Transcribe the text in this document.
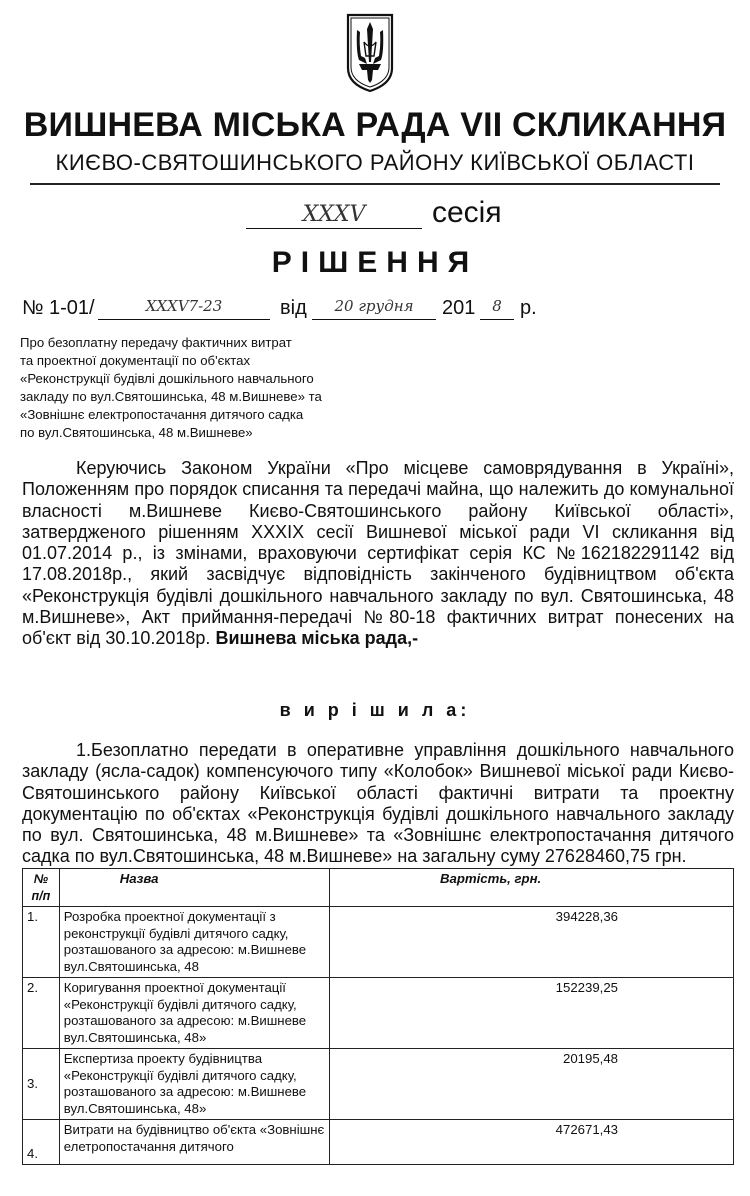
ВИШНЕВА МІСЬКА РАДА VII СКЛИКАННЯ
КИЄВО-СВЯТОШИНСЬКОГО РАЙОНУ КИЇВСЬКОЇ ОБЛАСТІ
XXXV	сесія
РІШЕННЯ
№ 1-01/	XXXV7-23	від	20 грудня	201	8 р.
Про безоплатну передачу фактичних витрат
та проектної документації по об'єктах
«Реконструкції будівлі дошкільного навчального
закладу по вул.Святошинська, 48 м.Вишневе» та
«Зовнішнє електропостачання дитячого садка
по вул.Святошинська, 48 м.Вишневе»
Керуючись Законом України «Про місцеве самоврядування в Україні», Положенням про порядок списання та передачі майна, що належить до комунальної власності м.Вишневе Києво-Святошинського району Київської області», затвердженого рішенням XXXIX сесії Вишневої міської ради VI скликання від 01.07.2014 р., із змінами, враховуючи сертифікат серія КС №162182291142 від 17.08.2018р., який засвідчує відповідність закінченого будівництвом об'єкта «Реконструкція будівлі дошкільного навчального закладу по вул. Святошинська, 48 м.Вишневе», Акт приймання-передачі №80-18 фактичних витрат понесених на об'єкт від 30.10.2018р. Вишнева міська рада,-
в и р і ш и л а:
1.Безоплатно передати в оперативне управління дошкільного навчального закладу (ясла-садок) компенсуючого типу «Колобок» Вишневої міської ради Києво-Святошинського району Київської області фактичні витрати та проектну документацію по об'єктах «Реконструкція будівлі дошкільного навчального закладу по вул. Святошинська, 48 м.Вишневе» та «Зовнішнє електропостачання дитячого садка по вул.Святошинська, 48 м.Вишневе» на загальну суму 27628460,75 грн.
№ п/п	Назва	Вартість, грн.
1.	Розробка проектної документації з реконструкції будівлі дитячого садку, розташованого за адресою: м.Вишневе вул.Святошинська, 48	394228,36
2.	Коригування проектної документації «Реконструкції будівлі дитячого садку, розташованого за адресою: м.Вишневе вул.Святошинська, 48»	152239,25
3.	Експертиза проекту будівництва «Реконструкції будівлі дитячого садку, розташованого за адресою: м.Вишневе вул.Святошинська, 48»	20195,48
4.	Витрати на будівництво об'єкта «Зовнішнє елетропостачання дитячого	472671,43
